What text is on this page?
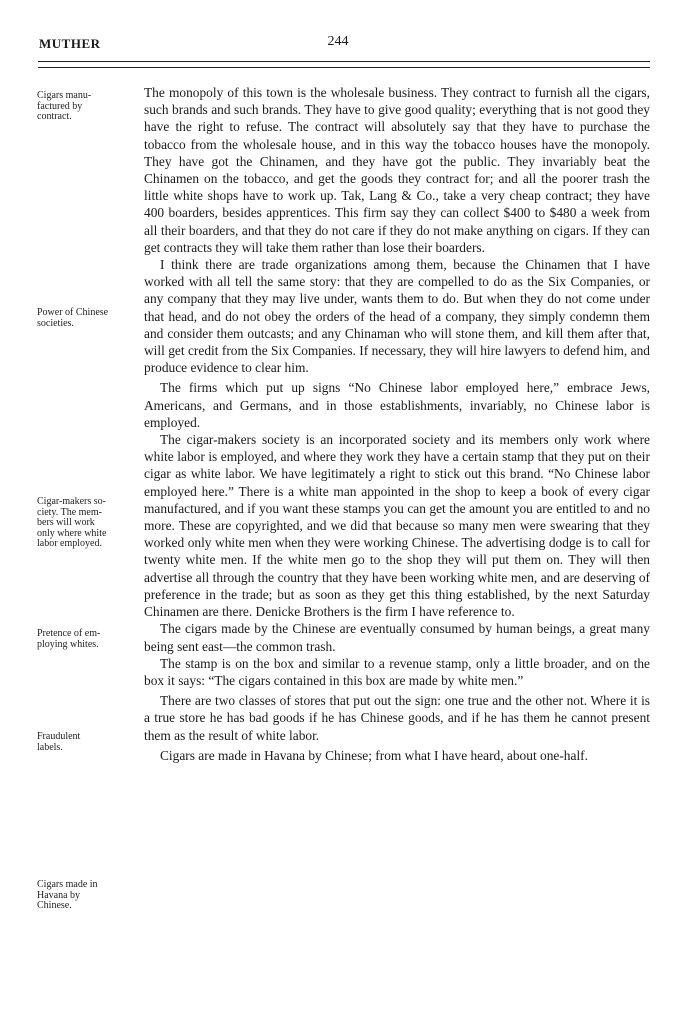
MUTHER	244
Cigars manu-
factured by
contract.
Power of Chinese
societies.
Cigar-makers so-
ciety. The mem-
bers will work
only where white
labor employed.
Pretence of em-
ploying whites.
Fraudulent
labels.
Cigars made in
Havana by
Chinese.

The monopoly of this town is the wholesale business. They contract to furnish all the cigars, such brands and such brands. They have to give good quality; everything that is not good they have the right to refuse. The contract will absolutely say that they have to purchase the tobacco from the wholesale house, and in this way the tobacco houses have the monopoly. They have got the Chinamen, and they have got the public. They invariably beat the Chinamen on the tobacco, and get the goods they contract for; and all the poorer trash the little white shops have to work up. Tak, Lang & Co., take a very cheap contract; they have 400 boarders, besides apprentices. This firm say they can collect $400 to $480 a week from all their boarders, and that they do not care if they do not make anything on cigars. If they can get contracts they will take them rather than lose their boarders.

I think there are trade organizations among them, because the Chinamen that I have worked with all tell the same story: that they are compelled to do as the Six Companies, or any company that they may live under, wants them to do. But when they do not come under that head, and do not obey the orders of the head of a company, they simply condemn them and consider them outcasts; and any Chinaman who will stone them, and kill them after that, will get credit from the Six Companies. If necessary, they will hire lawyers to defend him, and produce evidence to clear him.

The firms which put up signs “No Chinese labor employed here,” embrace Jews, Americans, and Germans, and in those establishments, invariably, no Chinese labor is employed.

The cigar-makers society is an incorporated society and its members only work where white labor is employed, and where they work they have a certain stamp that they put on their cigar as white labor. We have legitimately a right to stick out this brand. “No Chinese labor employed here.” There is a white man appointed in the shop to keep a book of every cigar manufactured, and if you want these stamps you can get the amount you are entitled to and no more. These are copyrighted, and we did that because so many men were swearing that they worked only white men when they were working Chinese. The advertising dodge is to call for twenty white men. If the white men go to the shop they will put them on. They will then advertise all through the country that they have been working white men, and are deserving of preference in the trade; but as soon as they get this thing established, by the next Saturday Chinamen are there. Denicke Brothers is the firm I have reference to.

The cigars made by the Chinese are eventually consumed by human beings, a great many being sent east—the common trash.

The stamp is on the box and similar to a revenue stamp, only a little broader, and on the box it says: “The cigars contained in this box are made by white men.”

There are two classes of stores that put out the sign: one true and the other not. Where it is a true store he has bad goods if he has Chinese goods, and if he has them he cannot present them as the result of white labor.

Cigars are made in Havana by Chinese; from what I have heard, about one-half.
